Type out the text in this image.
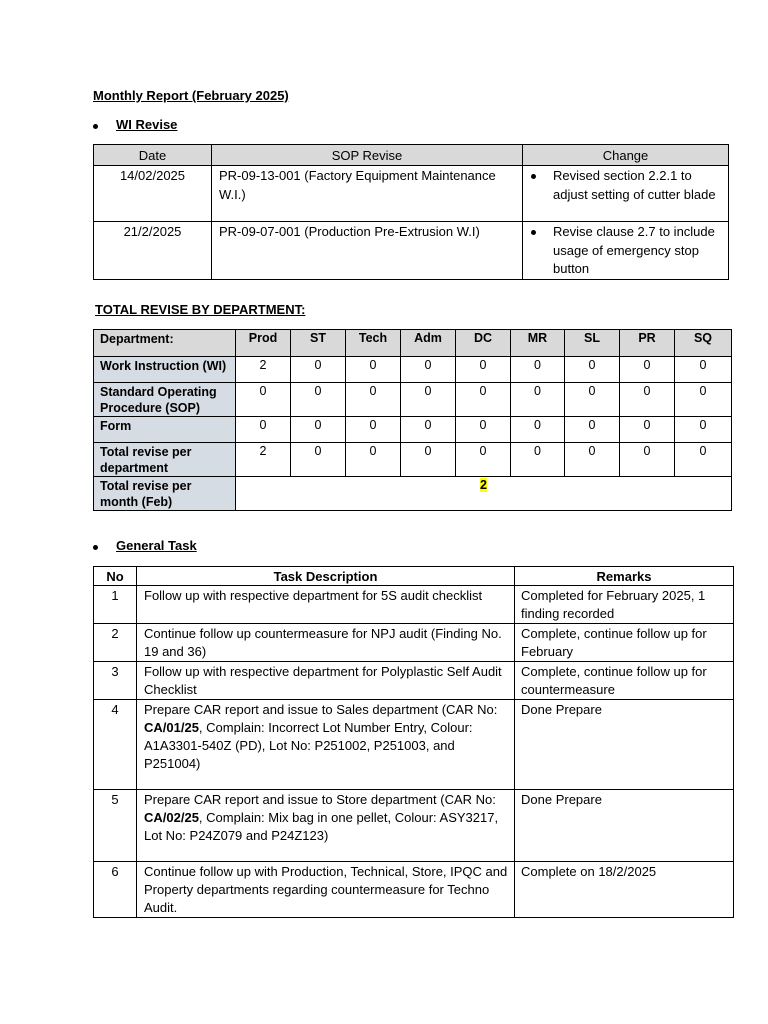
Monthly Report (February 2025)
WI Revise
Date	SOP Revise	Change
14/02/2025	PR-09-13-001 (Factory Equipment Maintenance W.I.)	Revised section 2.2.1 to adjust setting of cutter blade
21/2/2025	PR-09-07-001 (Production Pre-Extrusion W.I)	Revise clause 2.7 to include usage of emergency stop button
TOTAL REVISE BY DEPARTMENT:
Department:	Prod	ST	Tech	Adm	DC	MR	SL	PR	SQ
Work Instruction (WI)	2	0	0	0	0	0	0	0	0
Standard Operating Procedure (SOP)	0	0	0	0	0	0	0	0	0
Form	0	0	0	0	0	0	0	0	0
Total revise per department	2	0	0	0	0	0	0	0	0
Total revise per month (Feb)	2								
General Task
No	Task Description	Remarks
1	Follow up with respective department for 5S audit checklist	Completed for February 2025, 1 finding recorded
2	Continue follow up countermeasure for NPJ audit (Finding No. 19 and 36)	Complete, continue follow up for February
3	Follow up with respective department for Polyplastic Self Audit Checklist	Complete, continue follow up for countermeasure
4	Prepare CAR report and issue to Sales department (CAR No: CA/01/25, Complain: Incorrect Lot Number Entry, Colour: A1A3301-540Z (PD), Lot No: P251002, P251003, and P251004)	Done Prepare
5	Prepare CAR report and issue to Store department (CAR No: CA/02/25, Complain: Mix bag in one pellet, Colour: ASY3217, Lot No: P24Z079 and P24Z123)	Done Prepare
6	Continue follow up with Production, Technical, Store, IPQC and Property departments regarding countermeasure for Techno Audit.	Complete on 18/2/2025
